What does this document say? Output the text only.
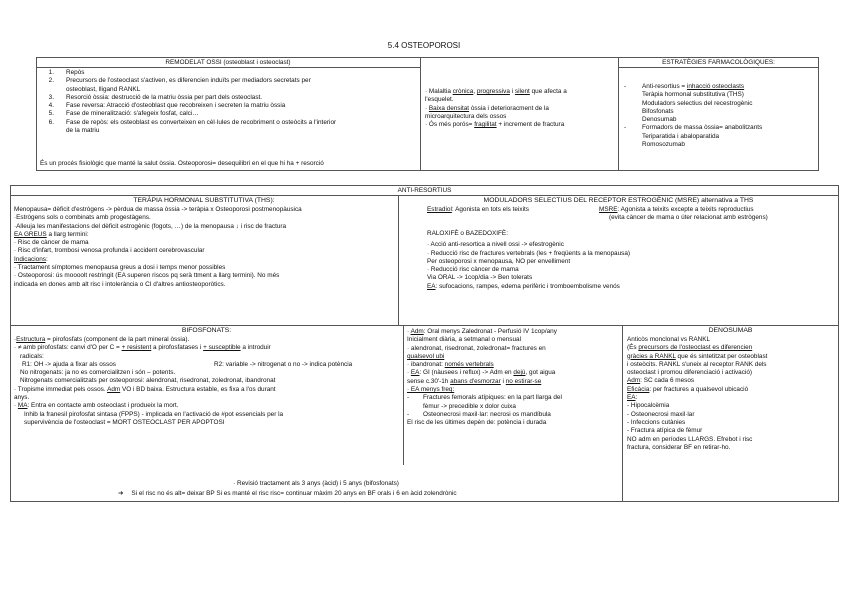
5.4 OSTEOPOROSI
REMODELAT OSSI (osteoblast i osteoclast)
1. Repòs
2. Precursors de l'osteoclast s'activen, es diferencien induïts per mediadors secretats per
osteoblast, lligand RANKL
3. Resorció òssia: destrucció de la matriu òssia per part dels osteoclast.
4. Fase reversa: Atracció d'osteoblast que recobreixen i secreten la matriu òssia
5. Fase de mineralització: s'afegeix fosfat, calci…
6. Fase de repòs: els osteoblast es converteixen en cèl·lules de recobriment o osteòcits a l'interior
de la matriu
És un procés fisiològic que manté la salut òssia. Osteoporosi= desequilibri en el que hi ha + resorció
· Malaltia crònica, progressiva i silent que afecta a
l'esquelet.
· Baixa densitat òssia i deterioracment de la
microarquitectura dels ossos
· Ós més porós= fragilitat + increment de fractura
ESTRATÈGIES FARMACOLÒGIQUES:
- Anti-resortius = inhacció osteoclasts
Teràpia hormonal substitutiva (THS)
Moduladors selectius del recestrogènic
Bifosfonats
Denosumab
- Formadors de massa òssia= anabolitzants
Teriparatida i abaloparatida
Romosozumab
ANTI-RESORTIUS
TERÀPIA HORMONAL SUBSTITUTIVA (THS):
Menopausa= dèficit d'estrògens -> pèrdua de massa òssia -> teràpia x Osteoporosi postmenopàusica
·Estrògens sols o combinats amb progestàgens.
·Alleuja les manifestacions del dèficit estrogènic (fogots, …) de la menopausa ↓ i risc de fractura
EA GREUS a llarg termini:
· Risc de càncer de mama
· Risc d'infart, trombosi venosa profunda i accident cerebrovascular
Indicacions:
· Tractament símptomes menopausa greus a dosi i temps menor possibles
· Osteoporosi: ús moooolt restringit (EA superen riscos pq serà ttment a llarg termini). No més
indicada en dones amb alt risc i intolerància o CI d'altres antiosteoporòtics.
MODULADORS SELECTIUS DEL RECEPTOR ESTROGÈNIC (MSRE) alternativa a THS
Estradiol: Agonista en tots els teixits	MSRE: Agonista a teixits excepte a teixits reproductius
(evita càncer de mama o úter relacionat amb estrògens)
RALOXIFÈ o BAZEDOXIFÈ:
· Acció anti-resortica a nivell ossi -> efestrogènic
· Reducció risc de fractures vertebrals (les + freqüents a la menopausa)
Per osteoporosi x menopausa, NO per envelliment
· Reducció risc càncer de mama
Via ORAL -> 1cop/dia -> Ben tolerats
EA: sufocacions, rampes, edema perifèric i tromboembolisme venós
BIFOSFONATS:
·Estructura = pirofosfats (component de la part mineral òssia).
· ≠ amb pirofosfats: canvi d'O per C = + resistent a pirofosfatases i + susceptible a introduir
radicals:
R1: OH -> ajuda a fixar als ossos	R2: variable -> nitrogenat o no -> indica potència
No nitrogenats: ja no es comercialitzen i són – potents.
Nitrogenats comercialitzats per osteoporosi: alendronat, risedronat, zoledronat, ibandronat
· Tropisme immediat pels ossos. Adm VO i BD baixa. Estructura estable, es fixa a l'os durant
anys.
· MA: Entra en contacte amb osteoclast i produeix la mort.
Inhib la franesil pirofosfat sintasa (FPPS) - implicada en l'activació de #pot essencials per la
supervivència de l'osteoclast = MORT OSTEOCLAST PER APOPTOSI
· Adm: Oral menys Zaledronat - Perfusió IV 1cop/any
Inicialment diària, a setmanal o mensual
· alendronat, risedronat, zoledronat= fractures en
qualsevol ubi
· ibandronat: només vertebrals
· EA: GI (nàusees i reflux) -> Adm en dejú, got aigua
sense c.30'-1h abans d'esmorzar i no estirar-se
· EA menys freq:
- Fractures femorals atípiques: en la part llarga del
fèmur -> precedible x dolor cuixa
- Osteonecrosi maxil·lar: necrosi os mandíbula
El risc de les últimes depèn de: potència i durada
· Revisió tractament als 3 anys (àcid) i 5 anys (bifosfonats)
➔ Si el risc no és alt= deixar BP Si es manté el risc risc= continuar màxim 20 anys en BF orals i 6 en àcid zolendrònic
DENOSUMAB
Anticòs monclonal vs RANKL
(És precursors de l'osteoclast es diferencien
gràcies a RANKL que és sintetitzat per osteoblast
i osteòcits. RANKL s'uneix al receptor RANK dels
osteoclast i promou diferenciació i activació)
Adm: SC cada 6 mesos
Eficàcia: per fractures a qualsevol ubicació
EA:
- Hipocalcèmia
- Osteonecrosi maxil·lar
- Infeccions cutànies
- Fractura atípica de fèmur
NO adm en períodes LLARGS. Efrebot i risc
fractura, considerar BF en retirar-ho.
